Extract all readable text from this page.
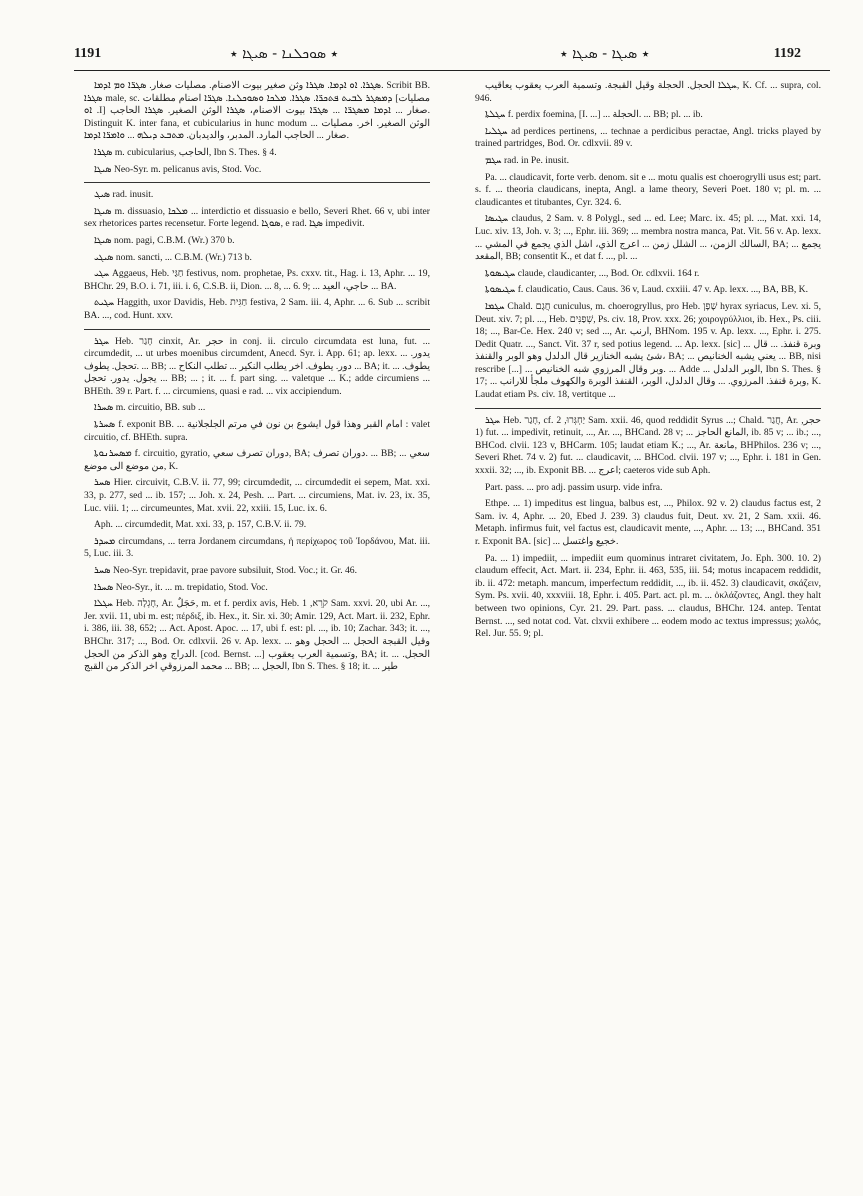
1191	٭ ܣܘܟܠܢܐ - ܣܝܓܐ ٭	٭ ܣܝܓܐ - ܣܝܓܐ ٭	1192

ܣܓܪܐ. ܐܘ ܐܕܡܐ. ܣܓܪܐ وثن صغير بيوت الاصنام. مصليات صغار. ܣܓܪ̈ܐ ܘܡ ܐܕܡܐ. Scribit BB. ܣܓܪܐ male, sc. ܕܡܣܓܪ ܠܒܝܬ ܦܬܟܪ̈ܐ. ܣܓܪܐ. ܡܠܟܐ ܘܣܘܟܠܢܐ. ܣܓܪ̈ܐ اصنام مطلقات [مصليات ܐܘ .I] صغار ... ܐܕܡܐ ܡܣܓܪ̈ܐ ... ܣܓܪ̈ܐ بيوت الاصنام، ܣܓܪܐ الوثن الصغير. ܣܓܪܐ الحاجب. Distinguit K. inter fana, et cubicularius in hunc modum ... الوثن الصغير. اخر. مصليات صغار ... الحاجب المارد. المدبر، والديدبان. ܡܬܒܥ ܕܝܠܗ ... ܘܐܡܪ̈ܐ ܐܕܡܐ.

ܣܓܪܐ m. cubicularius, الحاجب, Ibn S. Thes. § 4.

ܣܝܓܐ Neo-Syr. m. pelicanus avis, Stod. Voc.

ܣܝܓ rad. inusit.

ܣܝܓܐ m. dissuasio, ܡܠܟܐ ... interdictio et dissuasio e bello, Severi Rhet. 66 v, ubi inter sex rhetorices partes recensetur. Forte legend. ܣܘܓܐ, e rad. ܣܓܐ impedivit.

ܣܝܓܐ nom. pagi, C.B.M. (Wr.) 370 b.

ܣܝܓܝ nom. sancti, ... C.B.M. (Wr.) 713 b.

ܚܓܝ Aggaeus, Heb. חַגַּי festivus, nom. prophetae, Ps. cxxv. tit., Hag. i. 13, Aphr. ... 19, BHChr. 29, B.O. i. 71, iii. i. 6, C.S.B. ii, Dion. ... 8, ... 6. 9; ... حاجي، العيد ... BA.

ܚܓܝܬ Haggith, uxor Davidis, Heb. חַגִּית festiva, 2 Sam. iii. 4, Aphr. ... 6. Sub ... scribit BA. ..., cod. Hunt. xxv.

ܚܓܪ Heb. חָגַר cinxit, Ar. حجر in conj. ii. circulo circumdata est luna, fut. ... circumdedit, ... ut urbes moenibus circumdent, Anecd. Syr. i. App. 61; ap. lexx. ... يدور. تحجل. يطوف. ... BB; ... دور. يطوف. اخر يطلب النكير ... تطلب النكاح ... BA; it. ... يطوف. يجول. يدور. تحجل ... BB; ... ; it. ... f. part sing. ... valetque ... K.; adde circumiens ... BHEth. 39 r. Part. f. ... circumiens, quasi e rad. ... vix accipiendum.

ܣܚܪܐ m. circuitio, BB. sub ...

ܣܚܪܬܐ f. exponit BB. ... امام القبر وهذا قول ايشوع بن نون في مرتم الجلجلانية : valet circuitio, cf. BHEth. supra.

ܡܣܚܪܢܘܬܐ f. circuitio, gyratio, دوران تصرف سعي, BA; دوران تصرف. ... BB; ... سعي من موضع الى موضع, K.

ܣܚܪ Hier. circuivit, C.B.V. ii. 77, 99; circumdedit, ... circumdedit ei sepem, Mat. xxi. 33, p. 277, sed ... ib. 157; ... Joh. x. 24, Pesh. ... Part. ... circumiens, Mat. iv. 23, ix. 35, Luc. viii. 1; ... circumeuntes, Mat. xvii. 22, xxiii. 15, Luc. ix. 6.

Aph. ... circumdedit, Mat. xxi. 33, p. 157, C.B.V. ii. 79.

ܡܚܕܪ circumdans, ... terra Jordanem circumdans, ἡ περίχωρος τοῦ Ἰορδάνου, Mat. iii. 5, Luc. iii. 3.

ܣܚܪ Neo-Syr. trepidavit, prae pavore subsiluit, Stod. Voc.; it. Gr. 46.

ܣܚܪܐ Neo-Syr., it. ... m. trepidatio, Stod. Voc.

ܚܓܠܐ Heb. חָגְלָה, Ar. حَجَلٌ, m. et f. perdix avis, Heb. קֹרֵא, 1 Sam. xxvi. 20, ubi Ar. ..., Jer. xvii. 11, ubi m. est; πέρδιξ, ib. Hex., it. Sir. xi. 30; Amir. 129, Act. Mart. ii. 232, Ephr. i. 386, iii. 38, 652; ... Act. Apost. Apoc. ... 17, ubi f. est: pl. ..., ib. 10; Zachar. 343; it. ..., BHChr. 317; ..., Bod. Or. cdlxvii. 26 v. Ap. lexx. ... وقيل القبجة الحجل ... الحجل وهو الدراج وهو الذكر من الحجل. [cod. Bernst. ...] وتسمية العرب يعقوب, BA; it. ... الحجل. محمد المرزوقي اخر الذكر من القبج ... BB; ... الحجل, Ibn S. Thes. § 18; it. ... طير

ܚܓܠܐ الحجل. الحجلة وقيل القبجة. وتسمية العرب يعقوب يعاقيب, K. Cf. ... supra, col. 946.

ܚܓܠܬܐ f. perdix foemina, [I. ...] ... الحجلة. ... BB; pl. ... ib.

ܚܓܠܝܐ ad perdices pertinens, ... technae a perdicibus peractae, Angl. tricks played by trained partridges, Bod. Or. cdlxvii. 89 v.

ܚܓܡ rad. in Pe. inusit.

Pa. ... claudicavit, forte verb. denom. sit e ... motu qualis est choerogrylli usus est; part. s. f. ... theoria claudicans, inepta, Angl. a lame theory, Severi Poet. 180 v; pl. m. ... claudicantes et titubantes, Cyr. 324. 6.

ܚܓܝܣܐ claudus, 2 Sam. v. 8 Polygl., sed ... ed. Lee; Marc. ix. 45; pl. ..., Mat. xxi. 14, Luc. xiv. 13, Joh. v. 3; ..., Ephr. iii. 369; ... membra nostra manca, Pat. Vit. 56 v. Ap. lexx. ... السالك الزمن، ... الشلل زمن ... اعرج الذي، اشل الذي يجمع في المشي, BA; ... يجمع المقعد, BB; consentit K., et dat f. ..., pl. ...

ܚܓܝܣܘܬܐ claude, claudicanter, ..., Bod. Or. cdlxvii. 164 r.

ܚܓܝܣܘܬܐ f. claudicatio, Caus. Caus. 36 v, Laud. cxxiii. 47 v. Ap. lexx. ..., BA, BB, K.

ܚܓܡܐ Chald. חֲגָם cuniculus, m. choerogryllus, pro Heb. שָׁפָן hyrax syriacus, Lev. xi. 5, Deut. xiv. 7; pl. ..., Heb. שְׁפַנִּים, Ps. civ. 18, Prov. xxx. 26; χοιρογρύλλιοι, ib. Hex., Ps. ciii. 18; ..., Bar-Ce. Hex. 240 v; sed ..., Ar. ارنب, BHNom. 195 v. Ap. lexx. ..., Ephr. i. 275. Dedit Quatr. ..., Sanct. Vit. 37 r, sed potius legend. ... Ap. lexx. [sic] ... وبرة قنفذ. ... قال شئ يشبه الخنازير قال الدلدل وهو الوبر والقنفذ، BA; ... يعني يشبه الخنانيص ... BB, nisi rescribe [...] ... وبر وقال المرزوي شبه الخنانيص. ... Adde ... الوبر الدلدل, Ibn S. Thes. § 17; ... وبرة قنفذ. المرزوي. ... وقال الدلدل، الوبر، القنفذ الوبرة والكهوف ملجأ للارانب, K. Laudat etiam Ps. civ. 18, vertitque ...

ܚܓܪ Heb. חָגַר, cf. יַחְגְּרוּ, 2 Sam. xxii. 46, quod reddidit Syrus ...; Chald. חֲגַר, Ar. حجر, 1) fut. ... impedivit, retinuit, ..., Ar. ..., BHCand. 28 v; ... المانع الحاجز, ib. 85 v; ... ib.; ..., BHCod. clvii. 123 v, BHCarm. 105; laudat etiam K.; ..., Ar. مانعة, BHPhilos. 236 v; ..., Severi Rhet. 74 v. 2) fut. ... claudicavit, ... BHCod. clvii. 197 v; ..., Ephr. i. 181 in Gen. xxxii. 32; ..., ib. Exponit BB. ... اعرج; caeteros vide sub Aph.

Part. pass. ... pro adj. passim usurp. vide infra.

Ethpe. ... 1) impeditus est lingua, balbus est, ..., Philox. 92 v. 2) claudus factus est, 2 Sam. iv. 4, Aphr. ... 20, Ebed J. 239. 3) claudus fuit, Deut. xv. 21, 2 Sam. xxii. 46. Metaph. infirmus fuit, vel factus est, claudicavit mente, ..., Aphr. ... 13; ..., BHCand. 351 r. Exponit BA. [sic] ... خجيع واغتسل.

Pa. ... 1) impediit, ... impediit eum quominus intraret civitatem, Jo. Eph. 300. 10. 2) claudum effecit, Act. Mart. ii. 234, Ephr. ii. 463, 535, iii. 54; motus incapacem reddidit, ib. ii. 472: metaph. mancum, imperfectum reddidit, ..., ib. ii. 452. 3) claudicavit, σκάζειν, Sym. Ps. xvii. 40, xxxviii. 18, Ephr. i. 405. Part. act. pl. m. ... ὀκλάζοντες, Angl. they halt between two opinions, Cyr. 21. 29. Part. pass. ... claudus, BHChr. 124. antep. Tentat Bernst. ..., sed notat cod. Vat. clxvii exhibere ... eodem modo ac textus impressus; χωλός, Rel. Jur. 55. 9; pl.
